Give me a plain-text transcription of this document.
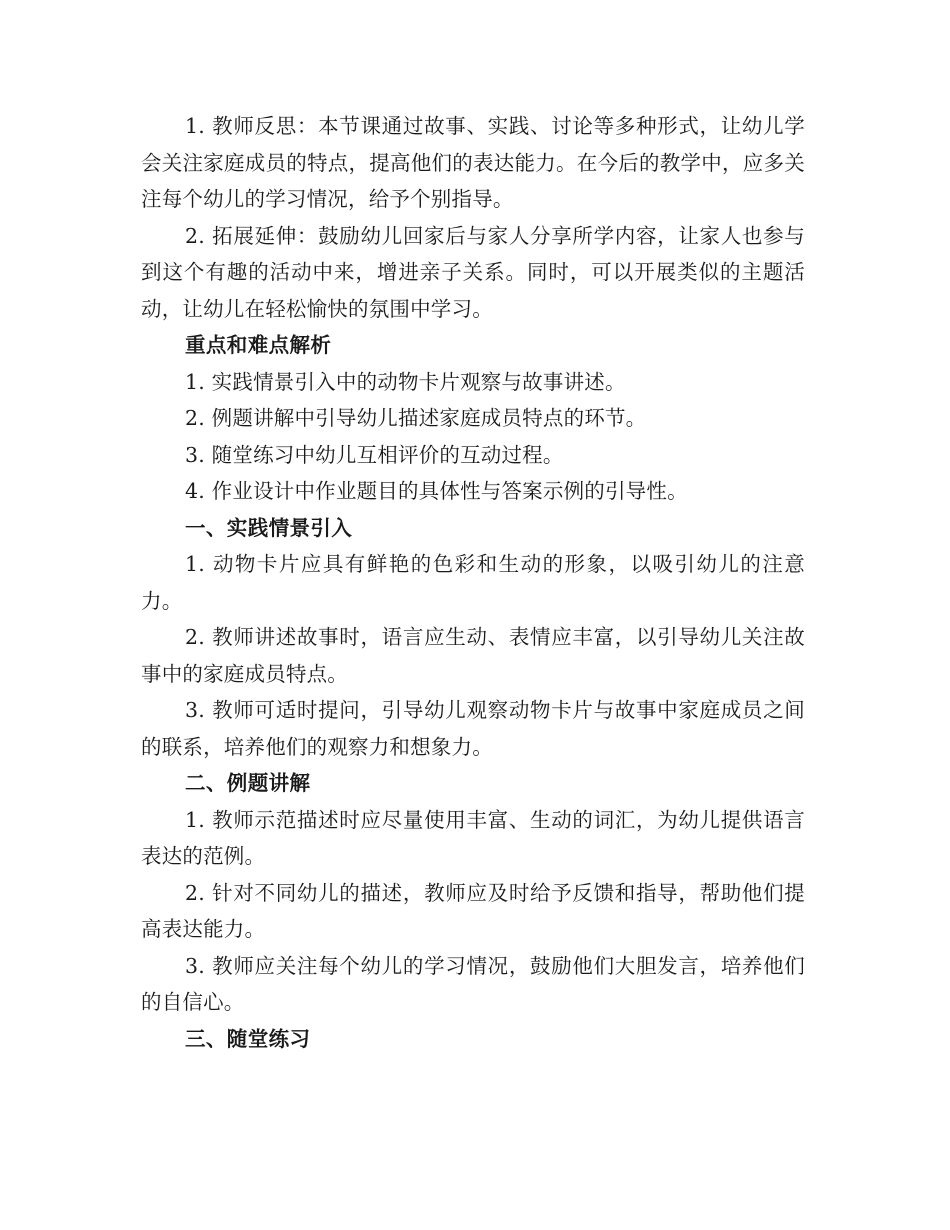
1. 教师反思：本节课通过故事、实践、讨论等多种形式，让幼儿学会关注家庭成员的特点，提高他们的表达能力。在今后的教学中，应多关注每个幼儿的学习情况，给予个别指导。

2. 拓展延伸：鼓励幼儿回家后与家人分享所学内容，让家人也参与到这个有趣的活动中来，增进亲子关系。同时，可以开展类似的主题活动，让幼儿在轻松愉快的氛围中学习。

重点和难点解析

1. 实践情景引入中的动物卡片观察与故事讲述。

2. 例题讲解中引导幼儿描述家庭成员特点的环节。

3. 随堂练习中幼儿互相评价的互动过程。

4. 作业设计中作业题目的具体性与答案示例的引导性。

一、实践情景引入

1. 动物卡片应具有鲜艳的色彩和生动的形象，以吸引幼儿的注意力。

2. 教师讲述故事时，语言应生动、表情应丰富，以引导幼儿关注故事中的家庭成员特点。

3. 教师可适时提问，引导幼儿观察动物卡片与故事中家庭成员之间的联系，培养他们的观察力和想象力。

二、例题讲解

1. 教师示范描述时应尽量使用丰富、生动的词汇，为幼儿提供语言表达的范例。

2. 针对不同幼儿的描述，教师应及时给予反馈和指导，帮助他们提高表达能力。

3. 教师应关注每个幼儿的学习情况，鼓励他们大胆发言，培养他们的自信心。

三、随堂练习
